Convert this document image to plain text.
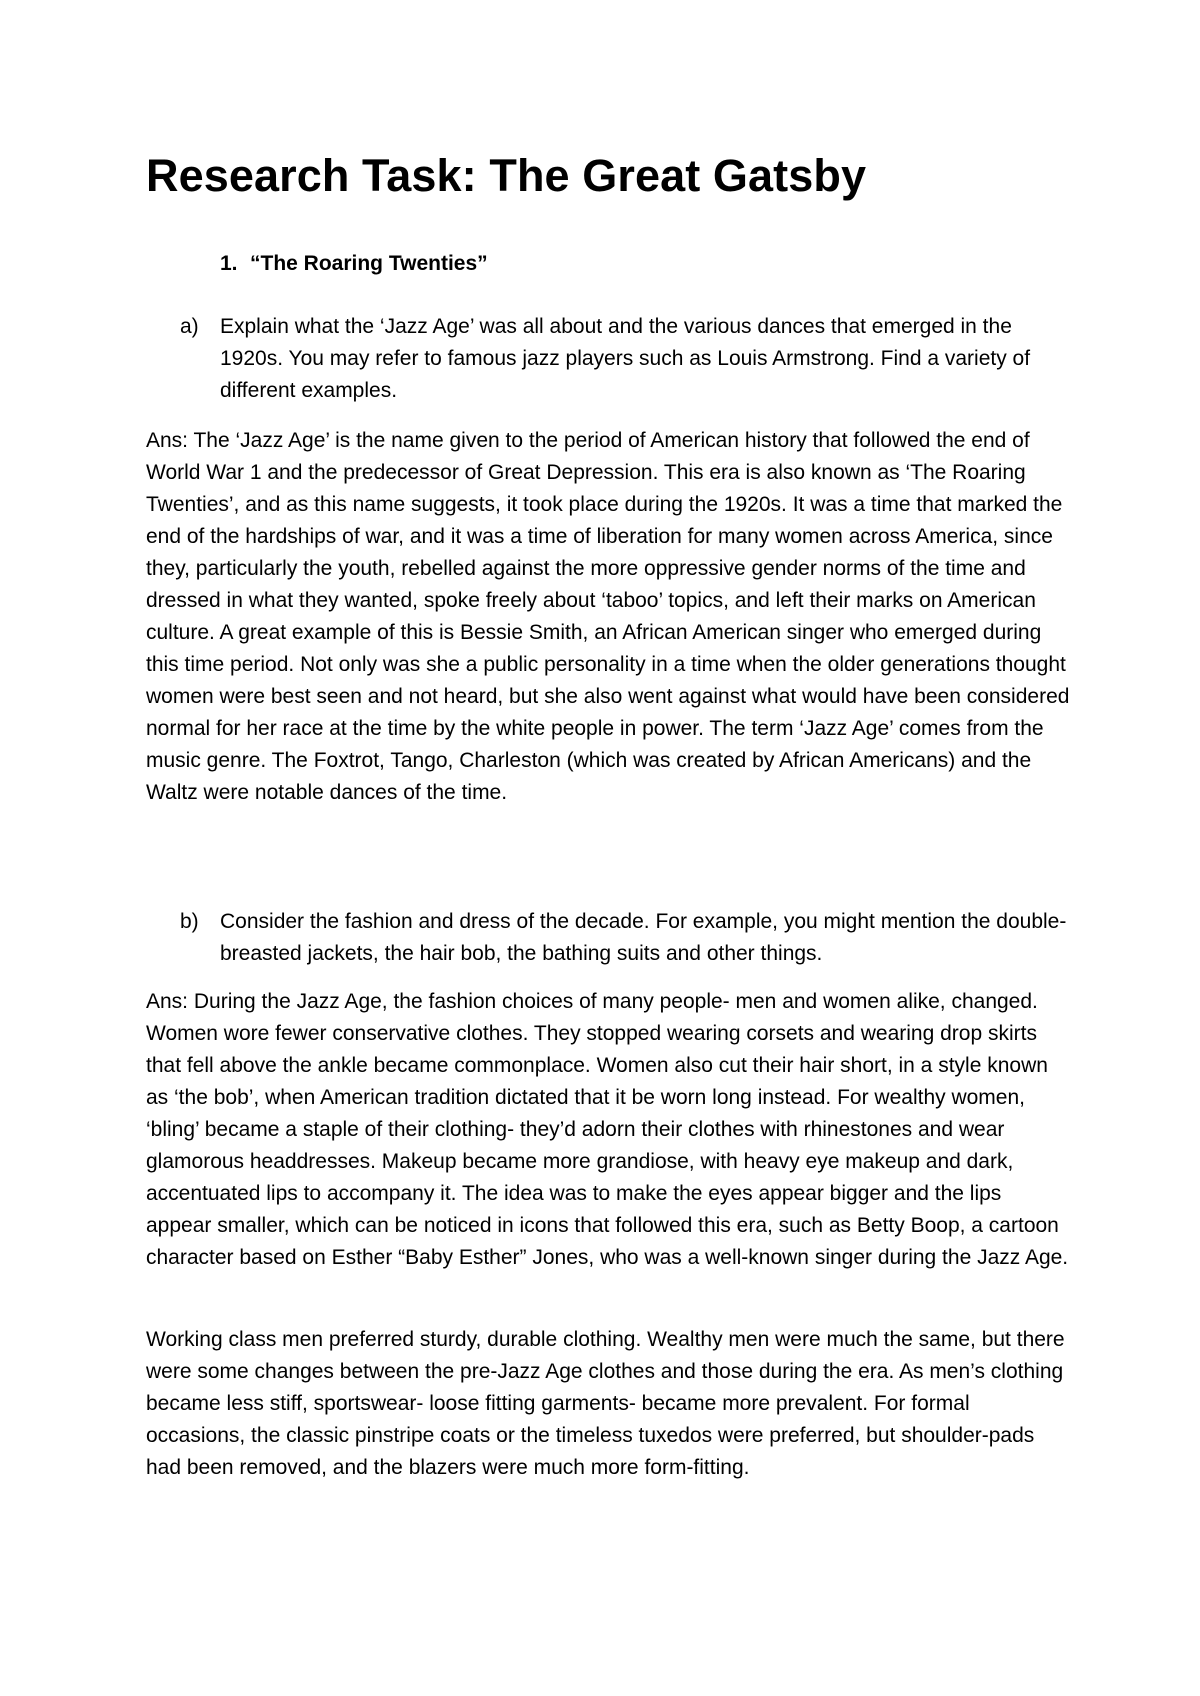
Research Task: The Great Gatsby
1. “The Roaring Twenties”
a)	Explain what the ‘Jazz Age’ was all about and the various dances that emerged in the 1920s. You may refer to famous jazz players such as Louis Armstrong. Find a variety of different examples.

Ans: The ‘Jazz Age’ is the name given to the period of American history that followed the end of World War 1 and the predecessor of Great Depression. This era is also known as ‘The Roaring Twenties’, and as this name suggests, it took place during the 1920s. It was a time that marked the end of the hardships of war, and it was a time of liberation for many women across America, since they, particularly the youth, rebelled against the more oppressive gender norms of the time and dressed in what they wanted, spoke freely about ‘taboo’ topics, and left their marks on American culture. A great example of this is Bessie Smith, an African American singer who emerged during this time period. Not only was she a public personality in a time when the older generations thought women were best seen and not heard, but she also went against what would have been considered normal for her race at the time by the white people in power. The term ‘Jazz Age’ comes from the music genre. The Foxtrot, Tango, Charleston (which was created by African Americans) and the Waltz were notable dances of the time.

b)	Consider the fashion and dress of the decade. For example, you might mention the double-breasted jackets, the hair bob, the bathing suits and other things.

Ans: During the Jazz Age, the fashion choices of many people- men and women alike, changed. Women wore fewer conservative clothes. They stopped wearing corsets and wearing drop skirts that fell above the ankle became commonplace. Women also cut their hair short, in a style known as ‘the bob’, when American tradition dictated that it be worn long instead. For wealthy women, ‘bling’ became a staple of their clothing- they’d adorn their clothes with rhinestones and wear glamorous headdresses. Makeup became more grandiose, with heavy eye makeup and dark, accentuated lips to accompany it. The idea was to make the eyes appear bigger and the lips appear smaller, which can be noticed in icons that followed this era, such as Betty Boop, a cartoon character based on Esther “Baby Esther” Jones, who was a well-known singer during the Jazz Age.

Working class men preferred sturdy, durable clothing. Wealthy men were much the same, but there were some changes between the pre-Jazz Age clothes and those during the era. As men’s clothing became less stiff, sportswear- loose fitting garments- became more prevalent. For formal occasions, the classic pinstripe coats or the timeless tuxedos were preferred, but shoulder-pads had been removed, and the blazers were much more form-fitting.
